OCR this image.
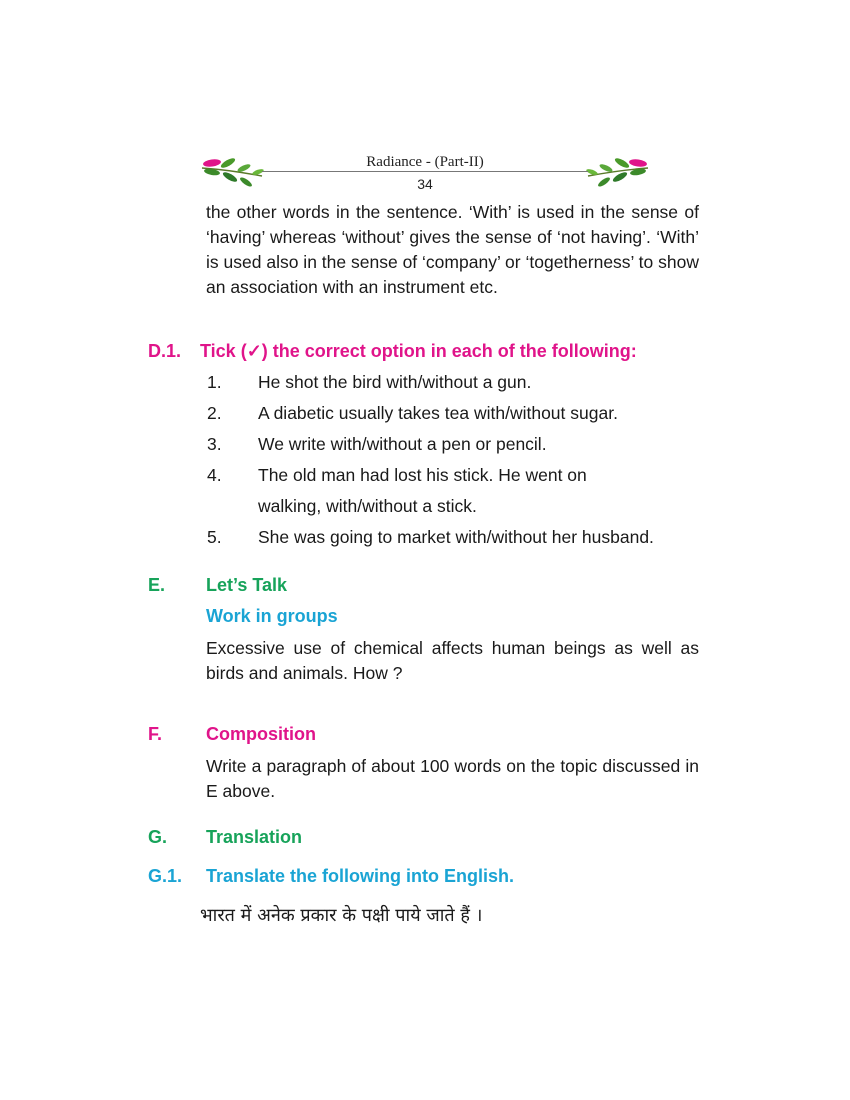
Radiance - (Part-II)
34
the other words in the sentence. ‘With’ is used in the sense of ‘having’ whereas ‘without’ gives the sense of ‘not having’. ‘With’ is used also in the sense of ‘company’ or ‘togetherness’ to show an association with an instrument etc.
D.1. Tick (✓) the correct option in each of the following:
1. He shot the bird with/without a gun.
2. A diabetic usually takes tea with/without sugar.
3. We write with/without a pen or pencil.
4. The old man had lost his stick. He went on
walking, with/without a stick.
5. She was going to market with/without her husband.
E. Let’s Talk
Work in groups
Excessive use of chemical affects human beings as well as birds and animals. How ?
F. Composition
Write a paragraph of about 100 words on the topic discussed in E above.
G. Translation
G.1. Translate the following into English.
भारत में अनेक प्रकार के पक्षी पाये जाते हैं ।
